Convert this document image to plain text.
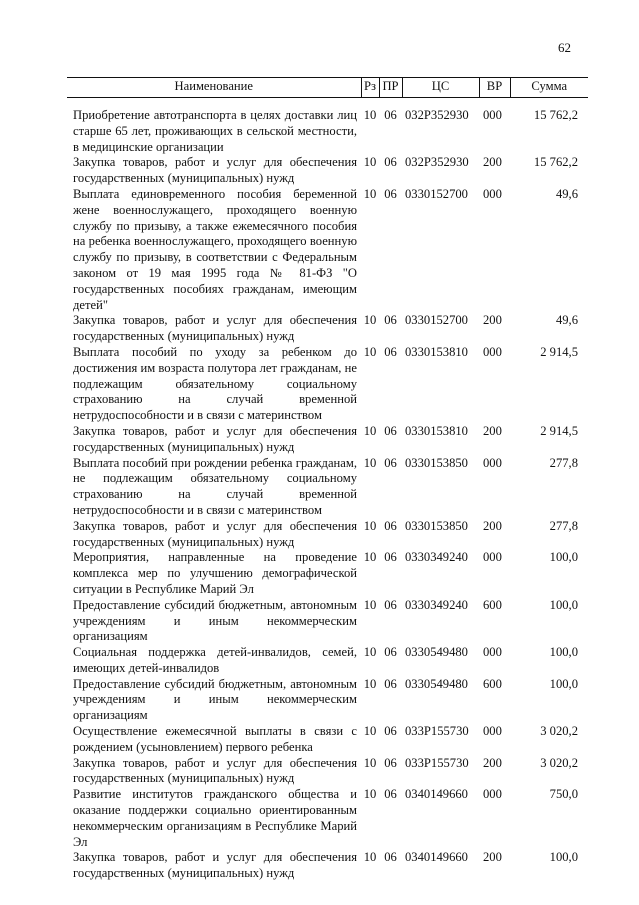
62
Наименование	Рз	ПР	ЦС	ВР	Сумма
Приобретение автотранспорта в целях доставки лиц старше 65 лет, проживающих в сельской местности, в медицинские организации	10	06	032Р352930	000	15 762,2
Закупка товаров, работ и услуг для обеспечения государственных (муниципальных) нужд	10	06	032Р352930	200	15 762,2
Выплата единовременного пособия беременной жене военнослужащего, проходящего военную службу по призыву, а также ежемесячного пособия на ребенка военнослужащего, проходящего военную службу по призыву, в соответствии с Федеральным законом от 19 мая 1995 года № 81-ФЗ "О государственных пособиях гражданам, имеющим детей"	10	06	0330152700	000	49,6
Закупка товаров, работ и услуг для обеспечения государственных (муниципальных) нужд	10	06	0330152700	200	49,6
Выплата пособий по уходу за ребенком до достижения им возраста полутора лет гражданам, не подлежащим обязательному социальному страхованию на случай временной нетрудоспособности и в связи с материнством	10	06	0330153810	000	2 914,5
Закупка товаров, работ и услуг для обеспечения государственных (муниципальных) нужд	10	06	0330153810	200	2 914,5
Выплата пособий при рождении ребенка гражданам, не подлежащим обязательному социальному страхованию на случай временной нетрудоспособности и в связи с материнством	10	06	0330153850	000	277,8
Закупка товаров, работ и услуг для обеспечения государственных (муниципальных) нужд	10	06	0330153850	200	277,8
Мероприятия, направленные на проведение комплекса мер по улучшению демографической ситуации в Республике Марий Эл	10	06	0330349240	000	100,0
Предоставление субсидий бюджетным, автономным учреждениям и иным некоммерческим организациям	10	06	0330349240	600	100,0
Социальная поддержка детей-инвалидов, семей, имеющих детей-инвалидов	10	06	0330549480	000	100,0
Предоставление субсидий бюджетным, автономным учреждениям и иным некоммерческим организациям	10	06	0330549480	600	100,0
Осуществление ежемесячной выплаты в связи с рождением (усыновлением) первого ребенка	10	06	033Р155730	000	3 020,2
Закупка товаров, работ и услуг для обеспечения государственных (муниципальных) нужд	10	06	033Р155730	200	3 020,2
Развитие институтов гражданского общества и оказание поддержки социально ориентированным некоммерческим организациям в Республике Марий Эл	10	06	0340149660	000	750,0
Закупка товаров, работ и услуг для обеспечения государственных (муниципальных) нужд	10	06	0340149660	200	100,0
